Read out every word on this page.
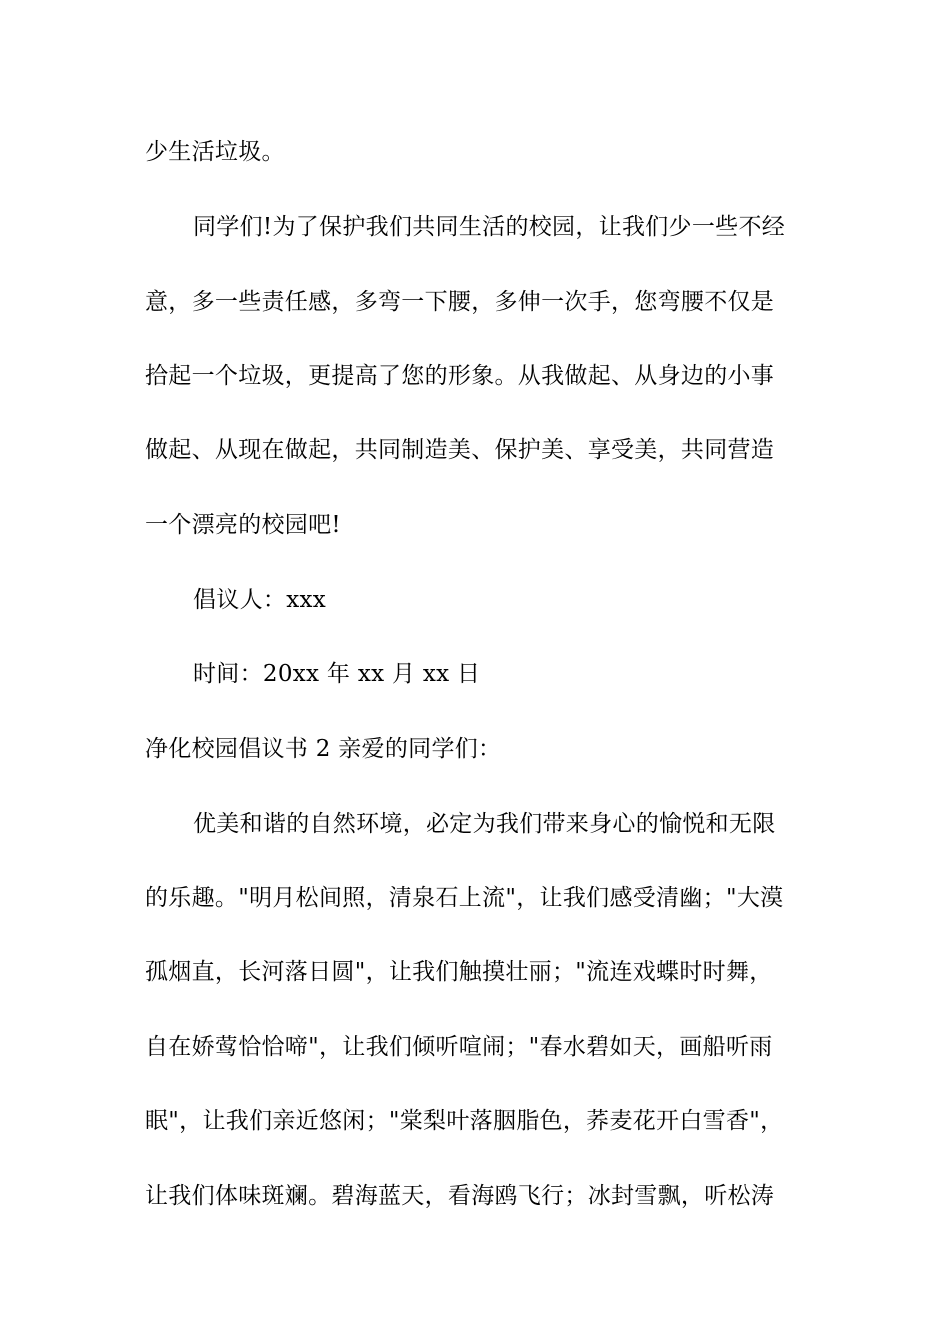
少生活垃圾。
同学们!为了保护我们共同生活的校园，让我们少一些不经
意，多一些责任感，多弯一下腰，多伸一次手，您弯腰不仅是
拾起一个垃圾，更提高了您的形象。从我做起、从身边的小事
做起、从现在做起，共同制造美、保护美、享受美，共同营造
一个漂亮的校园吧!
倡议人：xxx
时间：20xx 年 xx 月 xx 日
净化校园倡议书 2 亲爱的同学们：
优美和谐的自然环境，必定为我们带来身心的愉悦和无限
的乐趣。"明月松间照，清泉石上流"，让我们感受清幽；"大漠
孤烟直，长河落日圆"，让我们触摸壮丽；"流连戏蝶时时舞，
自在娇莺恰恰啼"，让我们倾听喧闹；"春水碧如天，画船听雨
眠"，让我们亲近悠闲；"棠梨叶落胭脂色，荞麦花开白雪香"，
让我们体味斑斓。碧海蓝天，看海鸥飞行；冰封雪飘，听松涛
